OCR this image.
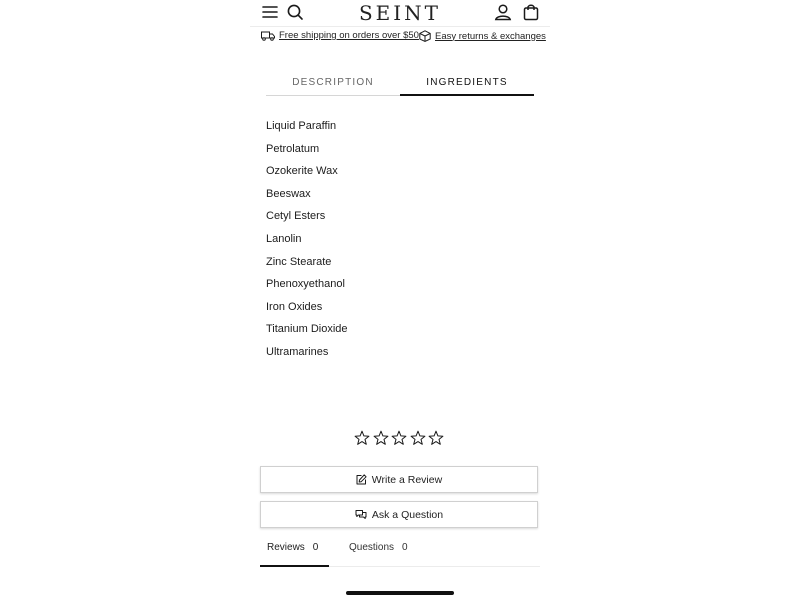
SEINT
Free shipping on orders over $50 Easy returns & exchanges
DESCRIPTION	INGREDIENTS
Liquid Paraffin
Petrolatum
Ozokerite Wax
Beeswax
Cetyl Esters
Lanolin
Zinc Stearate
Phenoxyethanol
Iron Oxides
Titanium Dioxide
Ultramarines
Write a Review
Ask a Question
Reviews 0	Questions 0
